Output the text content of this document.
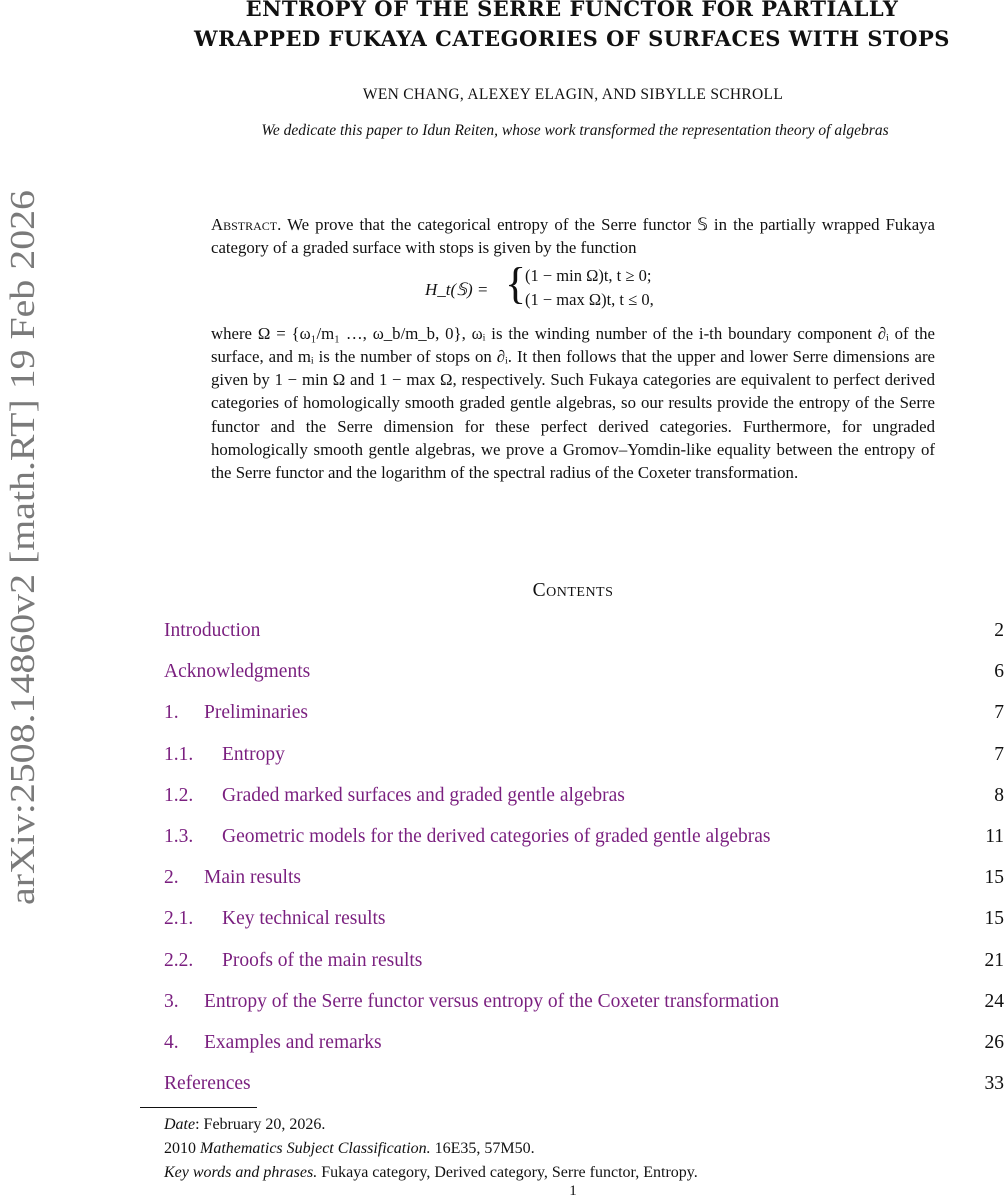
arXiv:2508.14860v2 [math.RT] 19 Feb 2026
ENTROPY OF THE SERRE FUNCTOR FOR PARTIALLY
WRAPPED FUKAYA CATEGORIES OF SURFACES WITH STOPS
WEN CHANG, ALEXEY ELAGIN, AND SIBYLLE SCHROLL
We dedicate this paper to Idun Reiten, whose work transformed the representation theory of algebras

Abstract. We prove that the categorical entropy of the Serre functor 𝕊 in the partially wrapped Fukaya category of a graded surface with stops is given by the function

H_t(𝕊) = {
(1 − min Ω)t, t ≥ 0;
(1 − max Ω)t, t ≤ 0,

where Ω = {ω₁/m₁ …, ω_b/m_b, 0}, ωᵢ is the winding number of the i-th boundary component ∂ᵢ of the surface, and mᵢ is the number of stops on ∂ᵢ. It then follows that the upper and lower Serre dimensions are given by 1 − min Ω and 1 − max Ω, respectively. Such Fukaya categories are equivalent to perfect derived categories of homologically smooth graded gentle algebras, so our results provide the entropy of the Serre functor and the Serre dimension for these perfect derived categories. Furthermore, for ungraded homologically smooth gentle algebras, we prove a Gromov–Yomdin-like equality between the entropy of the Serre functor and the logarithm of the spectral radius of the Coxeter transformation.

Contents
Introduction	2
Acknowledgments	6
1. Preliminaries	7
1.1. Entropy	7
1.2. Graded marked surfaces and graded gentle algebras	8
1.3. Geometric models for the derived categories of graded gentle algebras	11
2. Main results	15
2.1. Key technical results	15
2.2. Proofs of the main results	21
3. Entropy of the Serre functor versus entropy of the Coxeter transformation	24
4. Examples and remarks	26
References	33
Date: February 20, 2026.
2010 Mathematics Subject Classification. 16E35, 57M50.
Key words and phrases. Fukaya category, Derived category, Serre functor, Entropy.
1
